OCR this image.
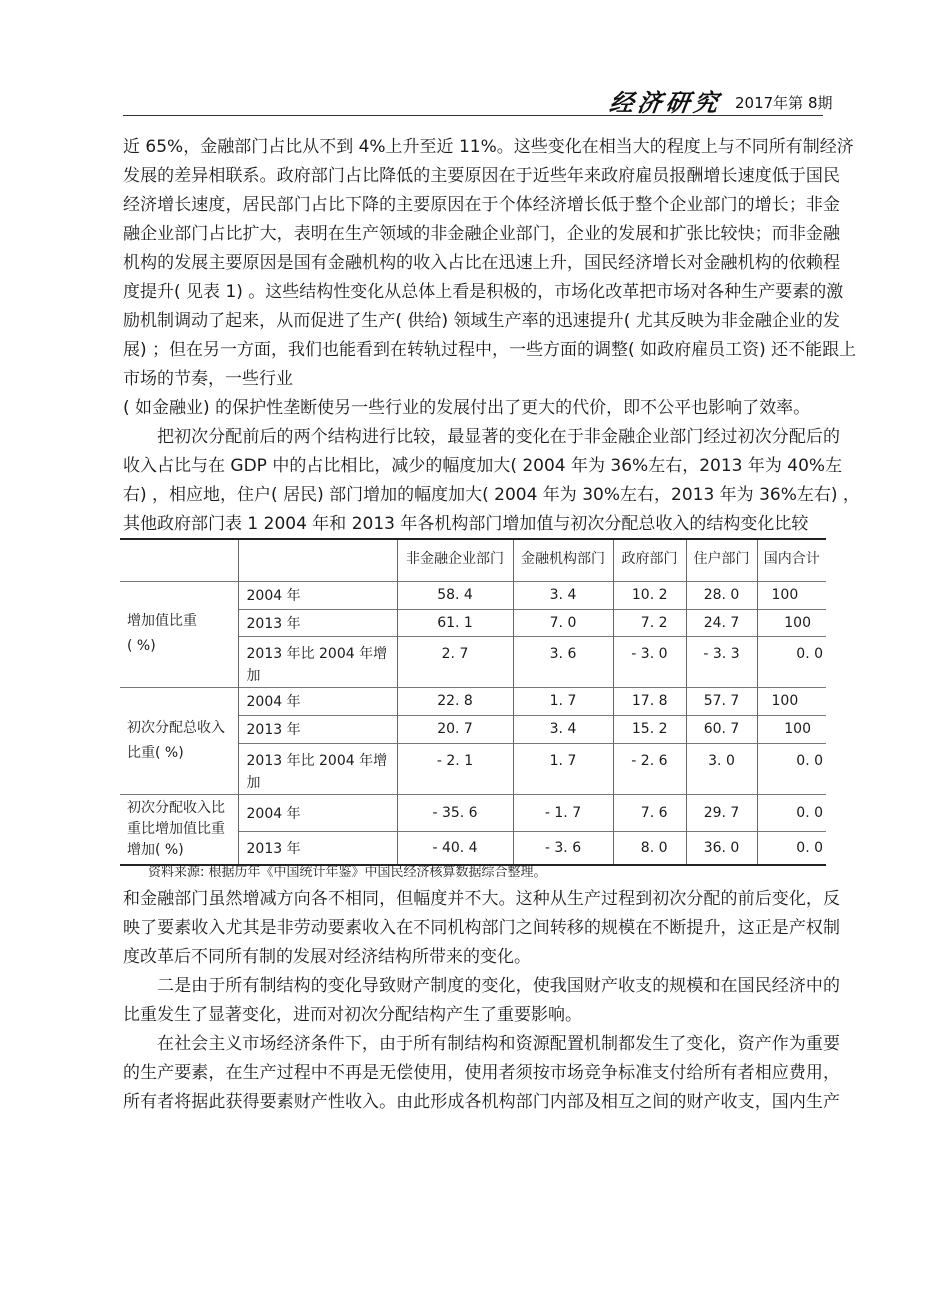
经济研究 2017年第 8期
近 65%，金融部门占比从不到 4%上升至近 11%。这些变化在相当大的程度上与不同所有制经济
发展的差异相联系。政府部门占比降低的主要原因在于近些年来政府雇员报酬增长速度低于国民
经济增长速度，居民部门占比下降的主要原因在于个体经济增长低于整个企业部门的增长；非金
融企业部门占比扩大，表明在生产领域的非金融企业部门，企业的发展和扩张比较快；而非金融
机构的发展主要原因是国有金融机构的收入占比在迅速上升，国民经济增长对金融机构的依赖程
度提升( 见表 1) 。这些结构性变化从总体上看是积极的，市场化改革把市场对各种生产要素的激
励机制调动了起来，从而促进了生产( 供给) 领域生产率的迅速提升( 尤其反映为非金融企业的发
展) ；但在另一方面，我们也能看到在转轨过程中，一些方面的调整( 如政府雇员工资) 还不能跟上
市场的节奏，一些行业
( 如金融业) 的保护性垄断使另一些行业的发展付出了更大的代价，即不公平也影响了效率。
把初次分配前后的两个结构进行比较，最显著的变化在于非金融企业部门经过初次分配后的
收入占比与在 GDP 中的占比相比，减少的幅度加大( 2004 年为 36%左右，2013 年为 40%左
右) ，相应地，住户( 居民) 部门增加的幅度加大( 2004 年为 30%左右，2013 年为 36%左右) ，
其他政府部门表 1 2004 年和 2013 年各机构部门增加值与初次分配总收入的结构变化比较
		非金融企业部门	金融机构部门	政府部门	住户部门	国内合计

增加值比重
( %)	2004 年	58. 4	3. 4	10. 2	28. 0	100
	2013 年	61. 1	7. 0	7. 2	24. 7	100
	2013 年比 2004 年增加	2. 7	3. 6	- 3. 0	- 3. 3	0. 0

初次分配总收入
比重( %)	2004 年	22. 8	1. 7	17. 8	57. 7	100
	2013 年	20. 7	3. 4	15. 2	60. 7	100
	2013 年比 2004 年增加	- 2. 1	1. 7	- 2. 6	3. 0	0. 0

初次分配收入比
重比增加值比重
增加( %)	2004 年	- 35. 6	- 1. 7	7. 6	29. 7	0. 0
	2013 年	- 40. 4	- 3. 6	8. 0	36. 0	0. 0
资料来源: 根据历年《中国统计年鉴》中国民经济核算数据综合整理。
和金融部门虽然增减方向各不相同，但幅度并不大。这种从生产过程到初次分配的前后变化，反
映了要素收入尤其是非劳动要素收入在不同机构部门之间转移的规模在不断提升，这正是产权制
度改革后不同所有制的发展对经济结构所带来的变化。
二是由于所有制结构的变化导致财产制度的变化，使我国财产收支的规模和在国民经济中的
比重发生了显著变化，进而对初次分配结构产生了重要影响。
在社会主义市场经济条件下，由于所有制结构和资源配置机制都发生了变化，资产作为重要
的生产要素，在生产过程中不再是无偿使用，使用者须按市场竞争标准支付给所有者相应费用，
所有者将据此获得要素财产性收入。由此形成各机构部门内部及相互之间的财产收支，国内生产
